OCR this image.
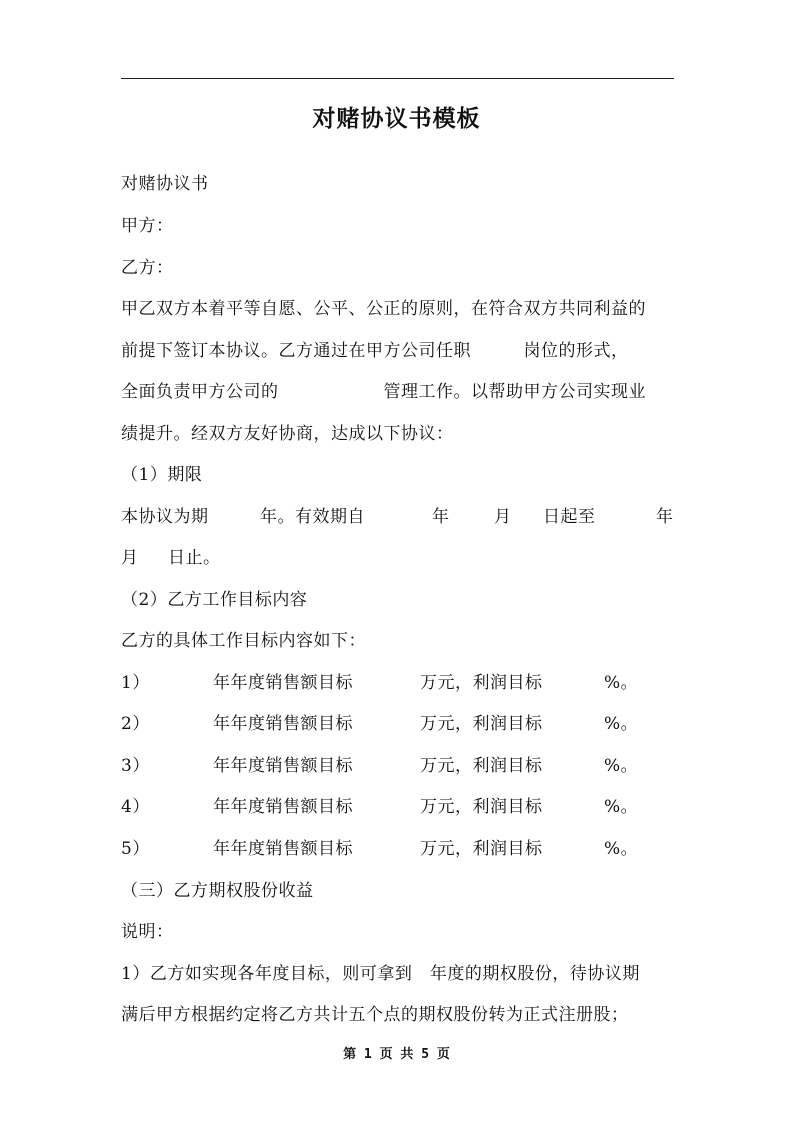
对赌协议书模板
对赌协议书
甲方：
乙方：
甲乙双方本着平等自愿、公平、公正的原则，在符合双方共同利益的
前提下签订本协议。乙方通过在甲方公司任职　　　岗位的形式，
全面负责甲方公司的　　　　　　管理工作。以帮助甲方公司实现业
绩提升。经双方友好协商，达成以下协议：
（1）期限
本协议为期	年。有效期自	年	月 日起至	年
月 日止。
（2）乙方工作目标内容
乙方的具体工作目标内容如下：
1）	年年度销售额目标	万元，利润目标	%。
2）	年年度销售额目标	万元，利润目标	%。
3）	年年度销售额目标	万元，利润目标	%。
4）	年年度销售额目标	万元，利润目标	%。
5）	年年度销售额目标	万元，利润目标	%。
（三）乙方期权股份收益
说明：
1）乙方如实现各年度目标，则可拿到　年度的期权股份，待协议期
满后甲方根据约定将乙方共计五个点的期权股份转为正式注册股；
第 1 页 共 5 页
